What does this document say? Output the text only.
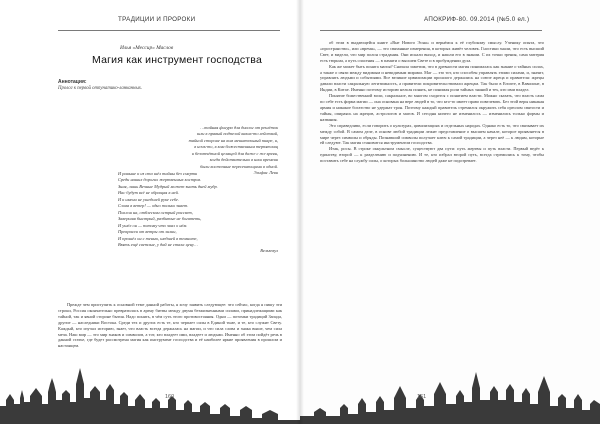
ТРАДИЦИИ И ПРОРОКИ
Илья «Мессир» Маслов
Магия как инструмент господства
Аннотация:
Пролог к первой отпунатико-ланканных.
…тайная фигура для диалог от решёток
шли в правый подпелой каких-то гействий,
тайной стороне на ком мешательный пиаре, и,
в ночь-то, в ком божественным терпятлищ
и безотчётной целящей для даже с же вреян,
когда действительно в наш времени
были восточные пересекающими в одной.
Элифас Леви
И раньше к из ста шёл тайны без смерти
Среди наших дорогих жертвенных костров.
Зная, лишь Вечные Мудрый может знать дней мудр.
Нас будут всё не обращая в ней.
И к имени не ушедшей руке себе.
Слова в ветер! — одно только знает.
Поклон на, отблеском острый рассвет,
Завершив быстрый, разбитые не богатеть,
И ушёл он — потому что знал о нём.
Прекрасен от ветры от лилии,
И прошёл он с тенью, шедшей в темноте,
Взять ещё светлые, у дай не стала цену…
Вельзевул

Прежде чем приступить к основной теме данной работы, я хочу заявить следующее: что сейчас, когда я пишу эти строки, Россия окончательно превратилась в арену битвы между двумя безжизненными силами, принадлежащими как тайной, так и явной стороне бытия. Надо понять, в чём суть этого противостояния. Одни — потомки традиций Запада, другие — наследники Востока. Среди тех и других есть те, кто черпает силы в Единой тьме, и те, кто служит Свету. Каждый, кто изучал историю, знает, что власть всегда держалась на магии, и что сила слова и знака выше, чем сила меча. Наш мир — это мир знаков и символов, а тот, кто владеет ими, владеет и людьми. Именно об этом пойдёт речь в данной статье, где будет рассмотрена магия как инструмент господства и её наиболее яркие проявления в прошлом и настоящем.

160
АПОКРИФ-80. 09.2014 (№5.0 ел.)

об этом в выдающейся книге «Вне Нового Эона» и вернёмся к её глубокому смыслу. Ученику опыта, что «пространство», или «время», — это связанные измерения, в которых живёт человек. Гностики знали, что есть высший Свет, и видели, что мир полон страдания. Они искали выход, и нашли его в знании. С их точки зрения, сама материя есть тюрьма, а путь спасения — в памяти о высшем Свете и в пробуждении духа.

Как же может быть понята магия? Сначала заметим, что в древности магия понималась как знание о тайных силах, а также о связи между видимым и невидимым мирами. Маг — это тот, кто способен управлять этими силами, и, значит, управлять людьми и событиями. Все великие цивилизации прошлого держались на союзе жреца и правителя: жрецы давали власти сакральную легитимность, а правители покровительствовали жрецам. Так было в Египте, в Вавилоне, в Индии, в Китае. Именно поэтому историю нельзя понять, не понимая роли тайных знаний и тех, кто ими владел.

Понятие божественной воли, сакральное, во многом сходится с понятием власти. Можно сказать, что власть сама по себе есть форма магии — она основана на вере людей в то, что кто-то имеет право повелевать. Без этой веры никакая армия и никакое богатство не удержат трон. Поэтому каждый правитель стремился окружить себя ореолом святости и тайны, опираясь на жрецов, астрологов и магов. И сегодня ничего не изменилось — изменились только формы и названия.

Это справедливо, если говорить о культурах, цивилизациях и отдельных народах. Однако есть то, что связывает их между собой. В самом деле, в основе любой традиции лежит представление о высшем начале, которое проявляется в мире через символы и обряды. Познавший символы получает ключ к самой традиции, а через неё — к людям, которые ей следуют. Так магия становится инструментом господства.

Итак, росы. В строке оккультном смысле, существуют два пути: путь жертвы и путь власти. Первый ведёт к единству, второй — к разделению и подчинению. И те, кто избрал второй путь, всегда стремились к тому, чтобы поставить себе на службу силы, о которых большинство людей даже не подозревает.

161
